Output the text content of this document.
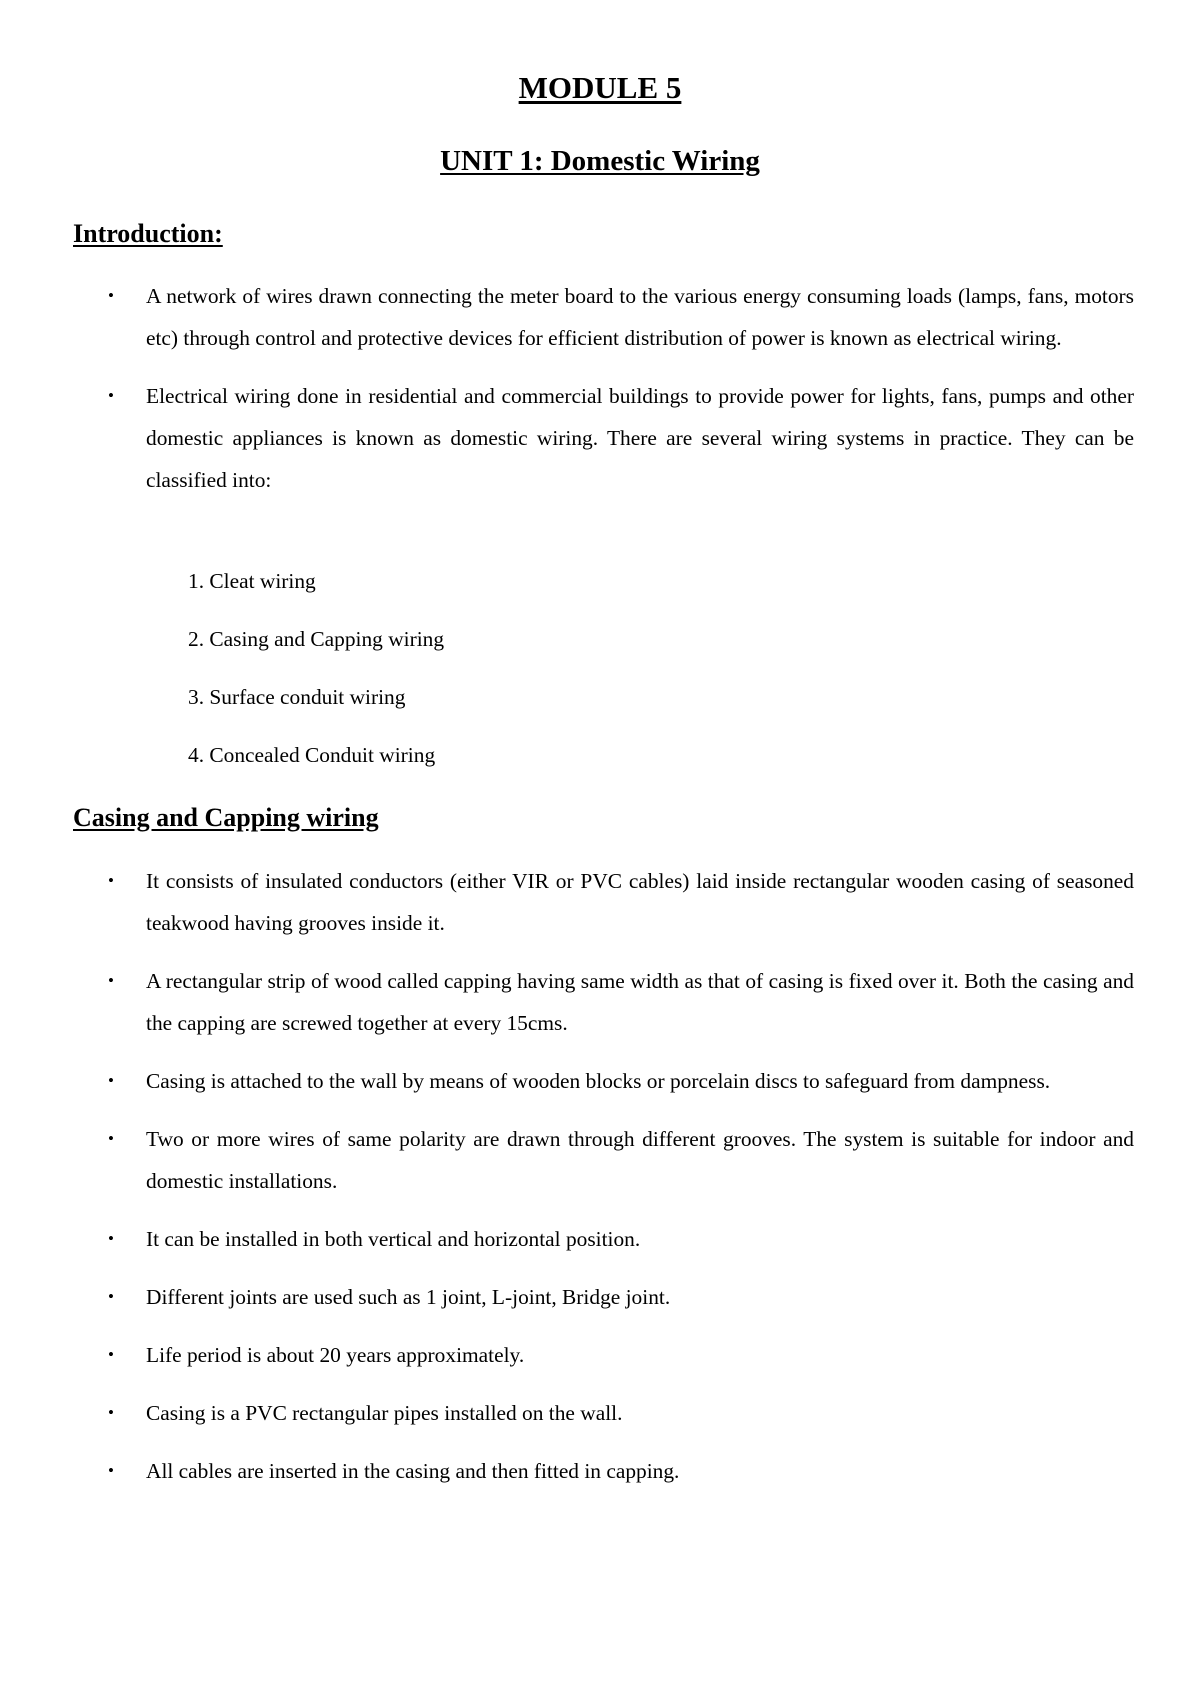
MODULE 5
UNIT 1: Domestic Wiring
Introduction:
• A network of wires drawn connecting the meter board to the various energy consuming loads (lamps, fans, motors etc) through control and protective devices for efficient distribution of power is known as electrical wiring.
• Electrical wiring done in residential and commercial buildings to provide power for lights, fans, pumps and other domestic appliances is known as domestic wiring. There are several wiring systems in practice. They can be classified into:
1. Cleat wiring
2. Casing and Capping wiring
3. Surface conduit wiring
4. Concealed Conduit wiring
Casing and Capping wiring
• It consists of insulated conductors (either VIR or PVC cables) laid inside rectangular wooden casing of seasoned teakwood having grooves inside it.
• A rectangular strip of wood called capping having same width as that of casing is fixed over it. Both the casing and the capping are screwed together at every 15cms.
• Casing is attached to the wall by means of wooden blocks or porcelain discs to safeguard from dampness.
• Two or more wires of same polarity are drawn through different grooves. The system is suitable for indoor and domestic installations.
• It can be installed in both vertical and horizontal position.
• Different joints are used such as 1 joint, L-joint, Bridge joint.
• Life period is about 20 years approximately.
• Casing is a PVC rectangular pipes installed on the wall.
• All cables are inserted in the casing and then fitted in capping.
